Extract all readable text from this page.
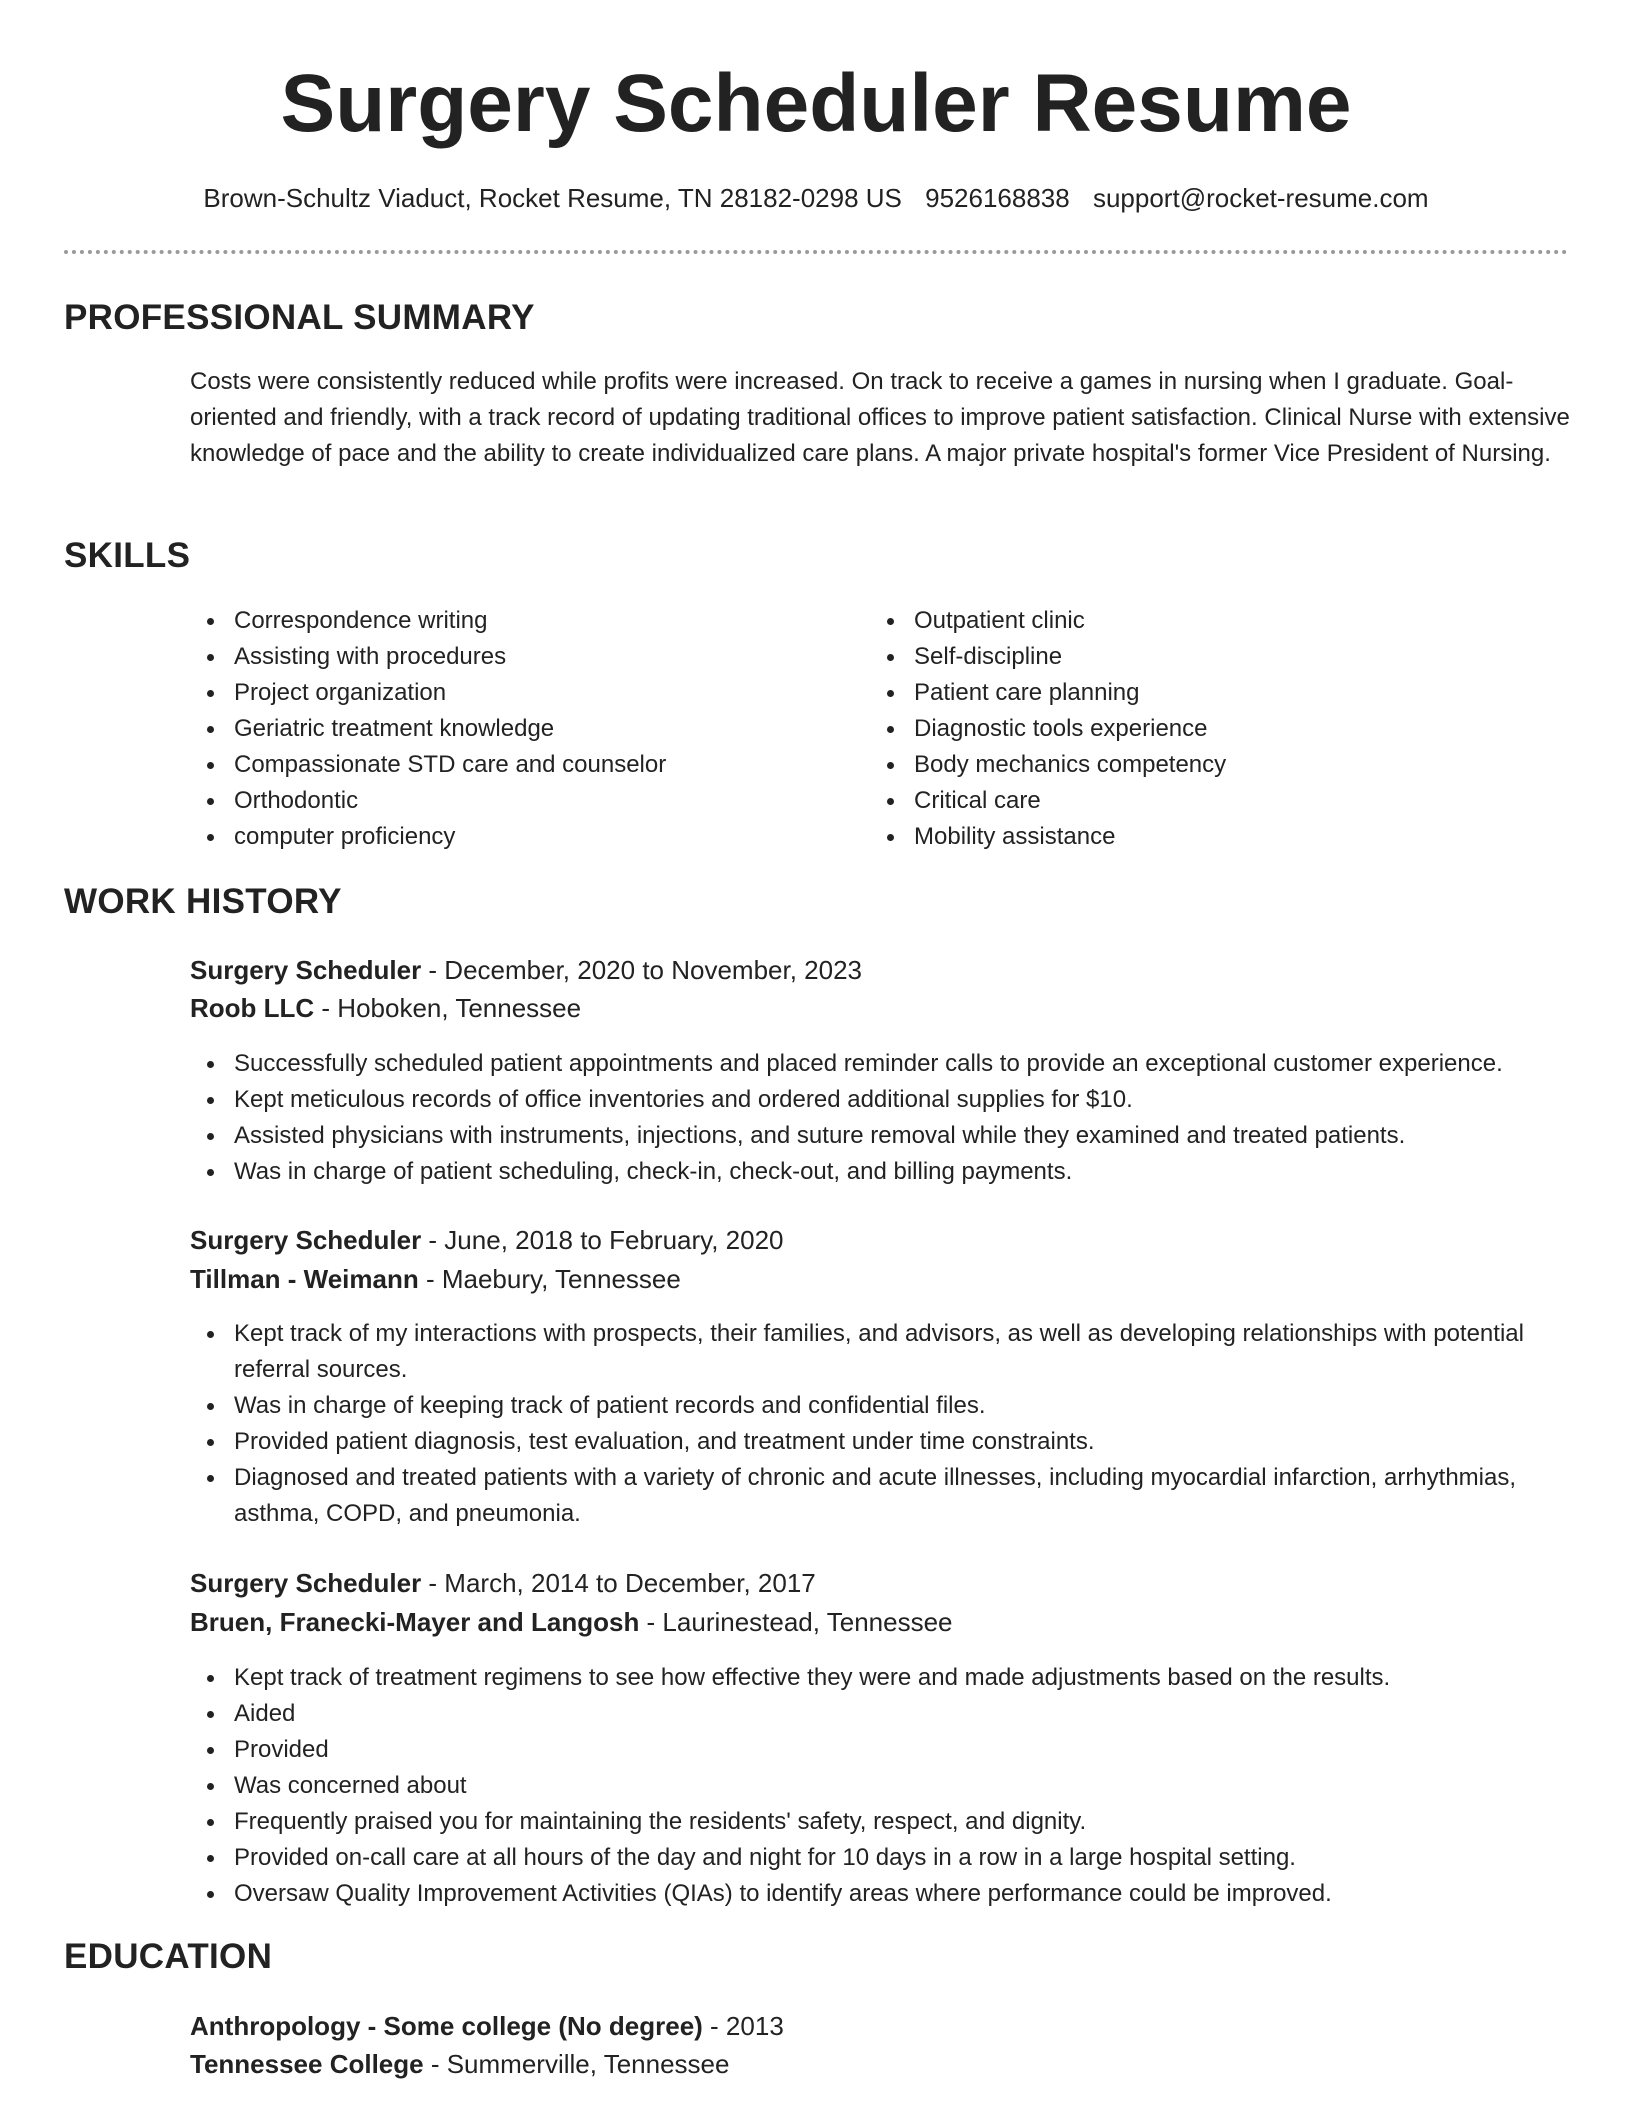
Surgery Scheduler Resume
Brown-Schultz Viaduct, Rocket Resume, TN 28182-0298 US 9526168838 support@rocket-resume.com
PROFESSIONAL SUMMARY

Costs were consistently reduced while profits were increased. On track to receive a games in nursing when I graduate. Goal-oriented and friendly, with a track record of updating traditional offices to improve patient satisfaction. Clinical Nurse with extensive knowledge of pace and the ability to create individualized care plans. A major private hospital's former Vice President of Nursing.

SKILLS
Correspondence writing
Assisting with procedures
Project organization
Geriatric treatment knowledge
Compassionate STD care and counselor
Orthodontic
computer proficiency
Outpatient clinic
Self-discipline
Patient care planning
Diagnostic tools experience
Body mechanics competency
Critical care
Mobility assistance
WORK HISTORY
Surgery Scheduler - December, 2020 to November, 2023
Roob LLC - Hoboken, Tennessee
Successfully scheduled patient appointments and placed reminder calls to provide an exceptional customer experience.
Kept meticulous records of office inventories and ordered additional supplies for $10.
Assisted physicians with instruments, injections, and suture removal while they examined and treated patients.
Was in charge of patient scheduling, check-in, check-out, and billing payments.
Surgery Scheduler - June, 2018 to February, 2020
Tillman - Weimann - Maebury, Tennessee
Kept track of my interactions with prospects, their families, and advisors, as well as developing relationships with potential referral sources.
Was in charge of keeping track of patient records and confidential files.
Provided patient diagnosis, test evaluation, and treatment under time constraints.
Diagnosed and treated patients with a variety of chronic and acute illnesses, including myocardial infarction, arrhythmias, asthma, COPD, and pneumonia.
Surgery Scheduler - March, 2014 to December, 2017
Bruen, Franecki-Mayer and Langosh - Laurinestead, Tennessee
Kept track of treatment regimens to see how effective they were and made adjustments based on the results.
Aided
Provided
Was concerned about
Frequently praised you for maintaining the residents' safety, respect, and dignity.
Provided on-call care at all hours of the day and night for 10 days in a row in a large hospital setting.
Oversaw Quality Improvement Activities (QIAs) to identify areas where performance could be improved.
EDUCATION
Anthropology - Some college (No degree) - 2013
Tennessee College - Summerville, Tennessee
